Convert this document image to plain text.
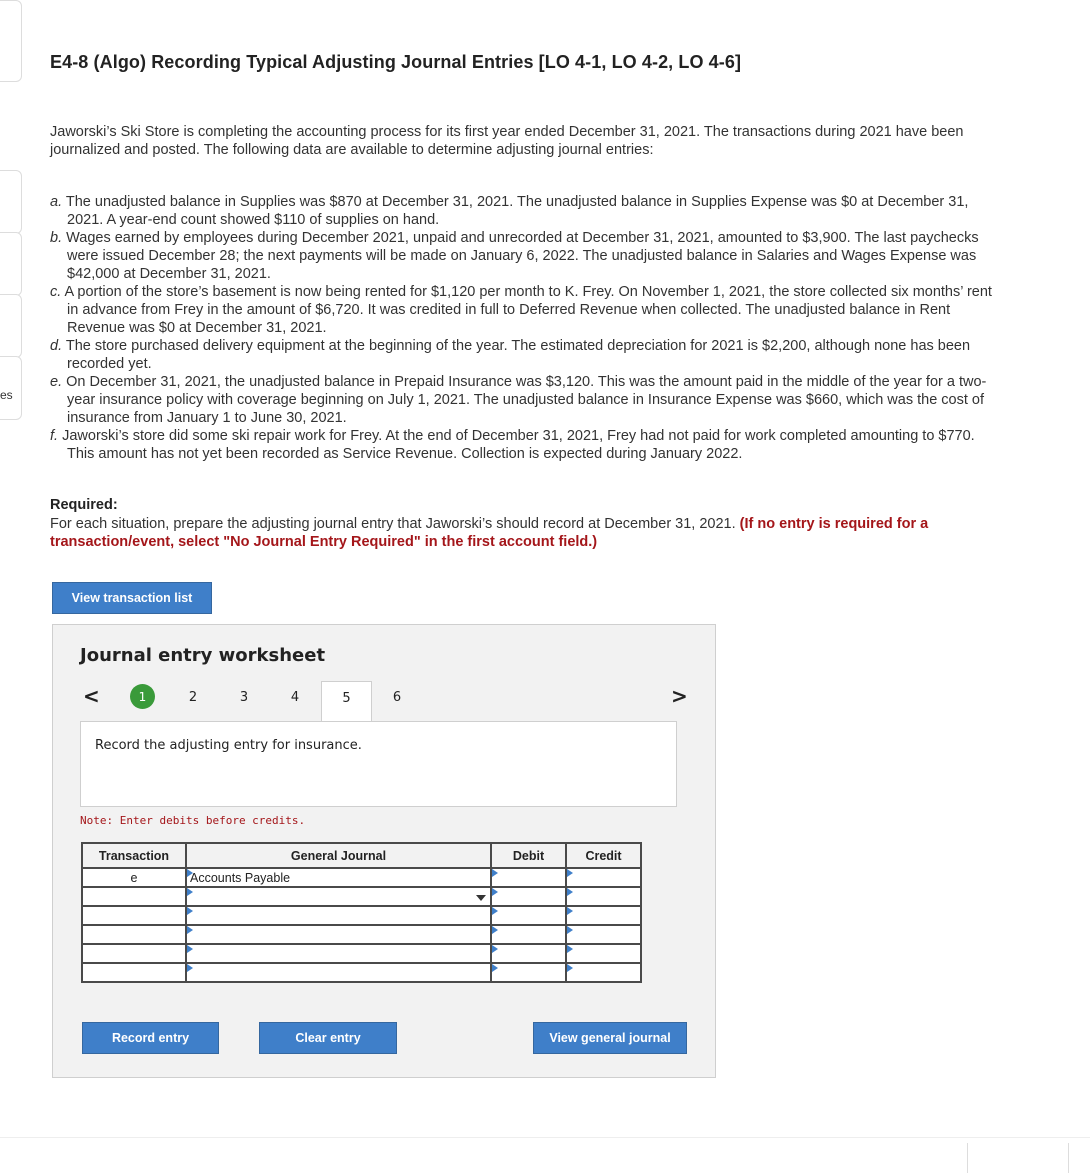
es
E4-8 (Algo) Recording Typical Adjusting Journal Entries [LO 4-1, LO 4-2, LO 4-6]
Jaworski’s Ski Store is completing the accounting process for its first year ended December 31, 2021. The transactions during 2021 have been journalized and posted. The following data are available to determine adjusting journal entries:
a. The unadjusted balance in Supplies was $870 at December 31, 2021. The unadjusted balance in Supplies Expense was $0 at December 31, 2021. A year-end count showed $110 of supplies on hand.
b. Wages earned by employees during December 2021, unpaid and unrecorded at December 31, 2021, amounted to $3,900. The last paychecks were issued December 28; the next payments will be made on January 6, 2022. The unadjusted balance in Salaries and Wages Expense was $42,000 at December 31, 2021.
c. A portion of the store’s basement is now being rented for $1,120 per month to K. Frey. On November 1, 2021, the store collected six months’ rent in advance from Frey in the amount of $6,720. It was credited in full to Deferred Revenue when collected. The unadjusted balance in Rent Revenue was $0 at December 31, 2021.
d. The store purchased delivery equipment at the beginning of the year. The estimated depreciation for 2021 is $2,200, although none has been recorded yet.
e. On December 31, 2021, the unadjusted balance in Prepaid Insurance was $3,120. This was the amount paid in the middle of the year for a two-year insurance policy with coverage beginning on July 1, 2021. The unadjusted balance in Insurance Expense was $660, which was the cost of insurance from January 1 to June 30, 2021.
f. Jaworski’s store did some ski repair work for Frey. At the end of December 31, 2021, Frey had not paid for work completed amounting to $770. This amount has not yet been recorded as Service Revenue. Collection is expected during January 2022.
Required:
For each situation, prepare the adjusting journal entry that Jaworski’s should record at December 31, 2021. (If no entry is required for a transaction/event, select "No Journal Entry Required" in the first account field.)
View transaction list
Journal entry worksheet
<	1	2	3	4	5	6	>
Record the adjusting entry for insurance.
Note: Enter debits before credits.
Transaction	General Journal	Debit	Credit
e	Accounts Payable	

Record entry	Clear entry	View general journal
